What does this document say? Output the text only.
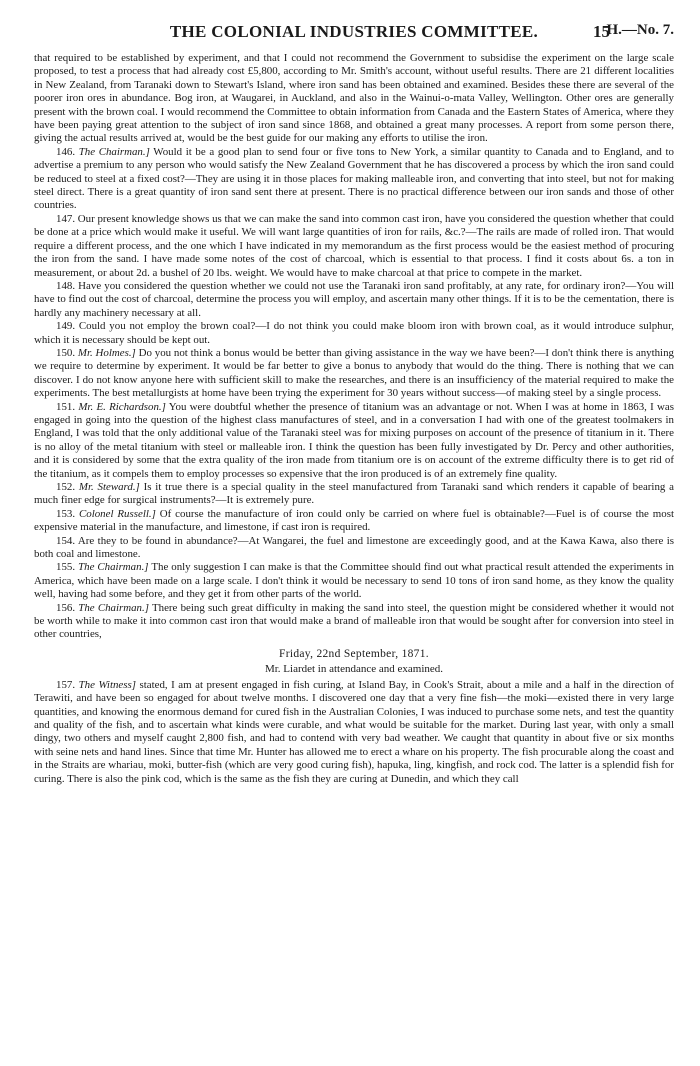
THE COLONIAL INDUSTRIES COMMITTEE.	15
H.—No. 7.

that required to be established by experiment, and that I could not recommend the Government to subsidise the experiment on the large scale proposed, to test a process that had already cost £5,800, according to Mr. Smith's account, without useful results. There are 21 different localities in New Zealand, from Taranaki down to Stewart's Island, where iron sand has been obtained and examined. Besides these there are several of the poorer iron ores in abundance. Bog iron, at Waugarei, in Auckland, and also in the Wainui-o-mata Valley, Wellington. Other ores are generally present with the brown coal. I would recommend the Committee to obtain information from Canada and the Eastern States of America, where they have been paying great attention to the subject of iron sand since 1868, and obtained a great many processes. A report from some person there, giving the actual results arrived at, would be the best guide for our making any efforts to utilise the iron.

146. The Chairman.] Would it be a good plan to send four or five tons to New York, a similar quantity to Canada and to England, and to advertise a premium to any person who would satisfy the New Zealand Government that he has discovered a process by which the iron sand could be reduced to steel at a fixed cost?—They are using it in those places for making malleable iron, and converting that into steel, but not for making steel direct. There is a great quantity of iron sand sent there at present. There is no practical difference between our iron sands and those of other countries.

147. Our present knowledge shows us that we can make the sand into common cast iron, have you considered the question whether that could be done at a price which would make it useful. We will want large quantities of iron for rails, &c.?—The rails are made of rolled iron. That would require a different process, and the one which I have indicated in my memorandum as the first process would be the easiest method of procuring the iron from the sand. I have made some notes of the cost of charcoal, which is essential to that process. I find it costs about 6s. a ton in measurement, or about 2d. a bushel of 20 lbs. weight. We would have to make charcoal at that price to compete in the market.

148. Have you considered the question whether we could not use the Taranaki iron sand profitably, at any rate, for ordinary iron?—You will have to find out the cost of charcoal, determine the process you will employ, and ascertain many other things. If it is to be the cementation, there is hardly any machinery necessary at all.

149. Could you not employ the brown coal?—I do not think you could make bloom iron with brown coal, as it would introduce sulphur, which it is necessary should be kept out.

150. Mr. Holmes.] Do you not think a bonus would be better than giving assistance in the way we have been?—I don't think there is anything we require to determine by experiment. It would be far better to give a bonus to anybody that would do the thing. There is nothing that we can discover. I do not know anyone here with sufficient skill to make the researches, and there is an insufficiency of the material required to make the experiments. The best metallurgists at home have been trying the experiment for 30 years without success—of making steel by a single process.

151. Mr. E. Richardson.] You were doubtful whether the presence of titanium was an advantage or not. When I was at home in 1863, I was engaged in going into the question of the highest class manufactures of steel, and in a conversation I had with one of the greatest toolmakers in England, I was told that the only additional value of the Taranaki steel was for mixing purposes on account of the presence of titanium in it. There is no alloy of the metal titanium with steel or malleable iron. I think the question has been fully investigated by Dr. Percy and other authorities, and it is considered by some that the extra quality of the iron made from titanium ore is on account of the extreme difficulty there is to get rid of the titanium, as it compels them to employ processes so expensive that the iron produced is of an extremely fine quality.

152. Mr. Steward.] Is it true there is a special quality in the steel manufactured from Taranaki sand which renders it capable of bearing a much finer edge for surgical instruments?—It is extremely pure.

153. Colonel Russell.] Of course the manufacture of iron could only be carried on where fuel is obtainable?—Fuel is of course the most expensive material in the manufacture, and limestone, if cast iron is required.

154. Are they to be found in abundance?—At Wangarei, the fuel and limestone are exceedingly good, and at the Kawa Kawa, also there is both coal and limestone.

155. The Chairman.] The only suggestion I can make is that the Committee should find out what practical result attended the experiments in America, which have been made on a large scale. I don't think it would be necessary to send 10 tons of iron sand home, as they know the quality well, having had some before, and they get it from other parts of the world.

156. The Chairman.] There being such great difficulty in making the sand into steel, the question might be considered whether it would not be worth while to make it into common cast iron that would make a brand of malleable iron that would be sought after for conversion into steel in other countries,

Friday, 22nd September, 1871.
Mr. Liardet in attendance and examined.

157. The Witness] stated, I am at present engaged in fish curing, at Island Bay, in Cook's Strait, about a mile and a half in the direction of Terawiti, and have been so engaged for about twelve months. I discovered one day that a very fine fish—the moki—existed there in very large quantities, and knowing the enormous demand for cured fish in the Australian Colonies, I was induced to purchase some nets, and test the quantity and quality of the fish, and to ascertain what kinds were curable, and what would be suitable for the market. During last year, with only a small dingy, two others and myself caught 2,800 fish, and had to contend with very bad weather. We caught that quantity in about five or six months with seine nets and hand lines. Since that time Mr. Hunter has allowed me to erect a whare on his property. The fish procurable along the coast and in the Straits are whariau, moki, butter-fish (which are very good curing fish), hapuka, ling, kingfish, and rock cod. The latter is a splendid fish for curing. There is also the pink cod, which is the same as the fish they are curing at Dunedin, and which they call
